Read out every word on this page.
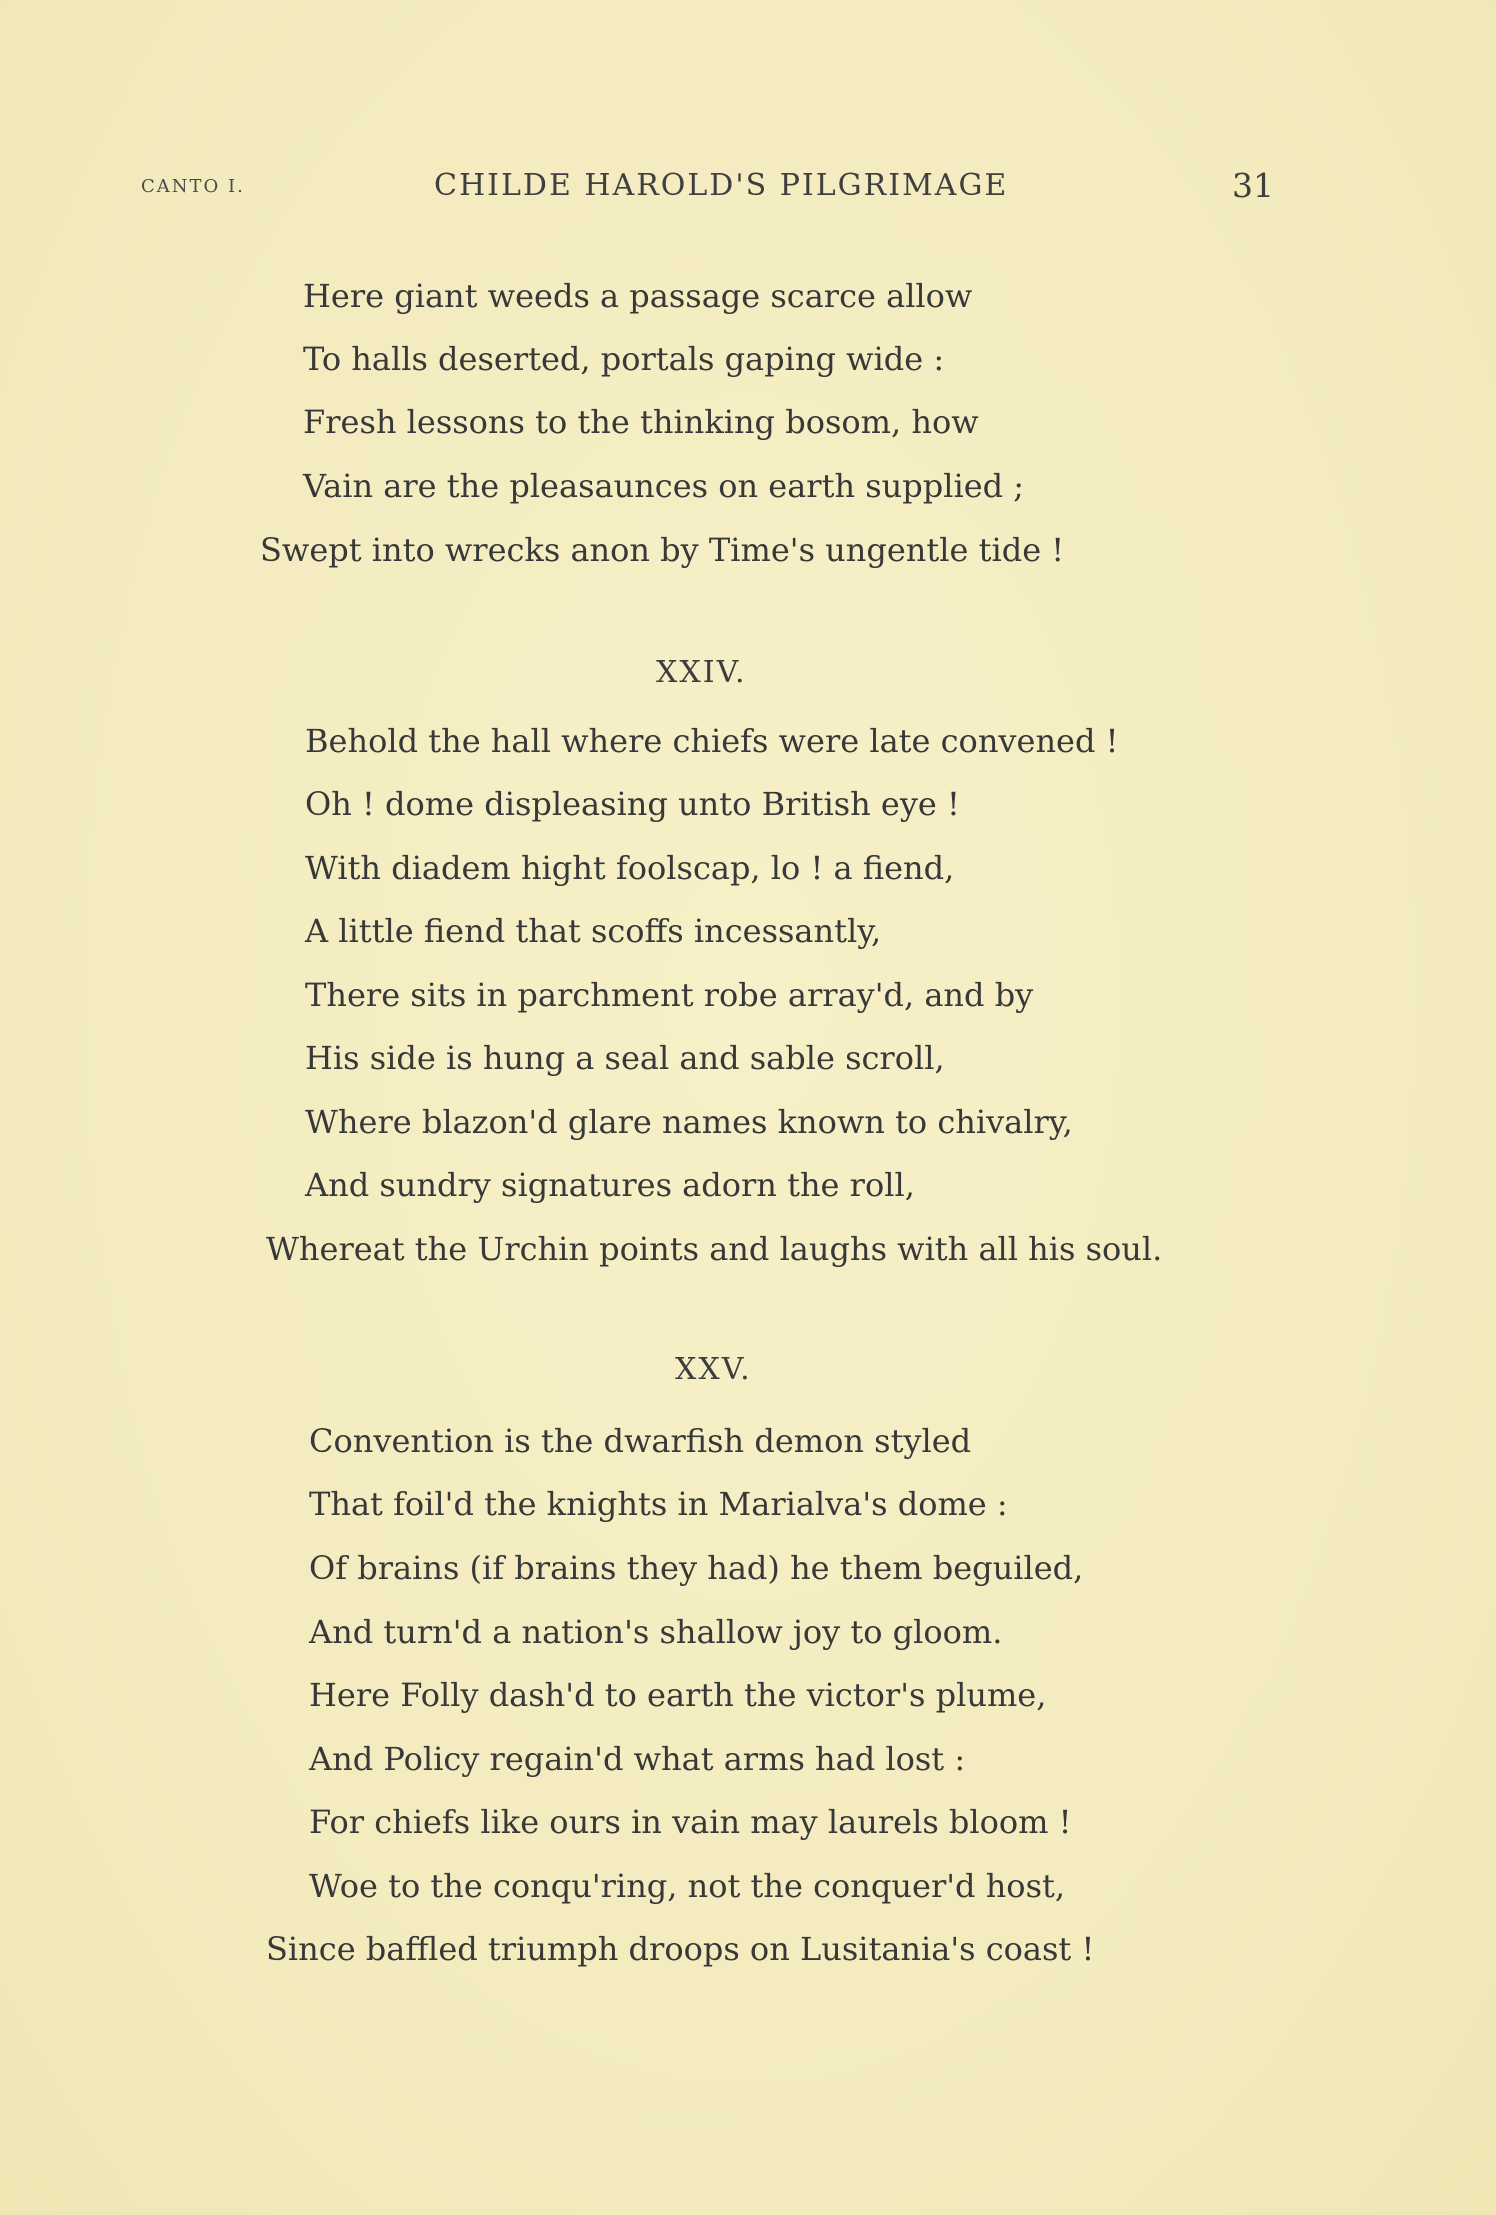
CANTO I.	CHILDE HAROLD'S PILGRIMAGE	31
Here giant weeds a passage scarce allow
To halls deserted, portals gaping wide :
Fresh lessons to the thinking bosom, how
Vain are the pleasaunces on earth supplied ;
Swept into wrecks anon by Time's ungentle tide !
XXIV.
Behold the hall where chiefs were late convened !
Oh ! dome displeasing unto British eye !
With diadem hight foolscap, lo ! a fiend,
A little fiend that scoffs incessantly,
There sits in parchment robe array'd, and by
His side is hung a seal and sable scroll,
Where blazon'd glare names known to chivalry,
And sundry signatures adorn the roll,
Whereat the Urchin points and laughs with all his soul.
XXV.
Convention is the dwarfish demon styled
That foil'd the knights in Marialva's dome :
Of brains (if brains they had) he them beguiled,
And turn'd a nation's shallow joy to gloom.
Here Folly dash'd to earth the victor's plume,
And Policy regain'd what arms had lost :
For chiefs like ours in vain may laurels bloom !
Woe to the conqu'ring, not the conquer'd host,
Since baffled triumph droops on Lusitania's coast !
